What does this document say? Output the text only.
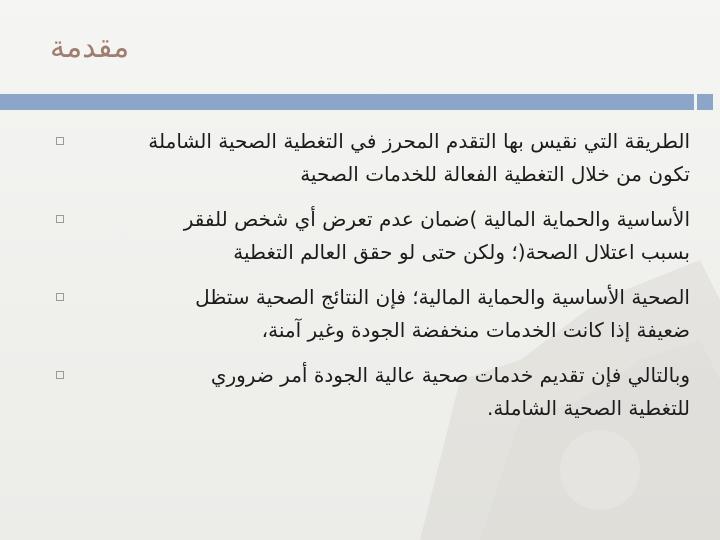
مقدمة
الطريقة التي نقيس بها التقدم المحرز في التغطية الصحية الشاملة
تكون من خلال التغطية الفعالة للخدمات الصحية
الأساسية والحماية المالية )ضمان عدم تعرض أي شخص للفقر
بسبب اعتلال الصحة(؛ ولكن حتى لو حقق العالم التغطية
الصحية الأساسية والحماية المالية؛ فإن النتائج الصحية ستظل
ضعيفة إذا كانت الخدمات منخفضة الجودة وغير آمنة،
وبالتالي فإن تقديم خدمات صحية عالية الجودة أمر ضروري
للتغطية الصحية الشاملة.
